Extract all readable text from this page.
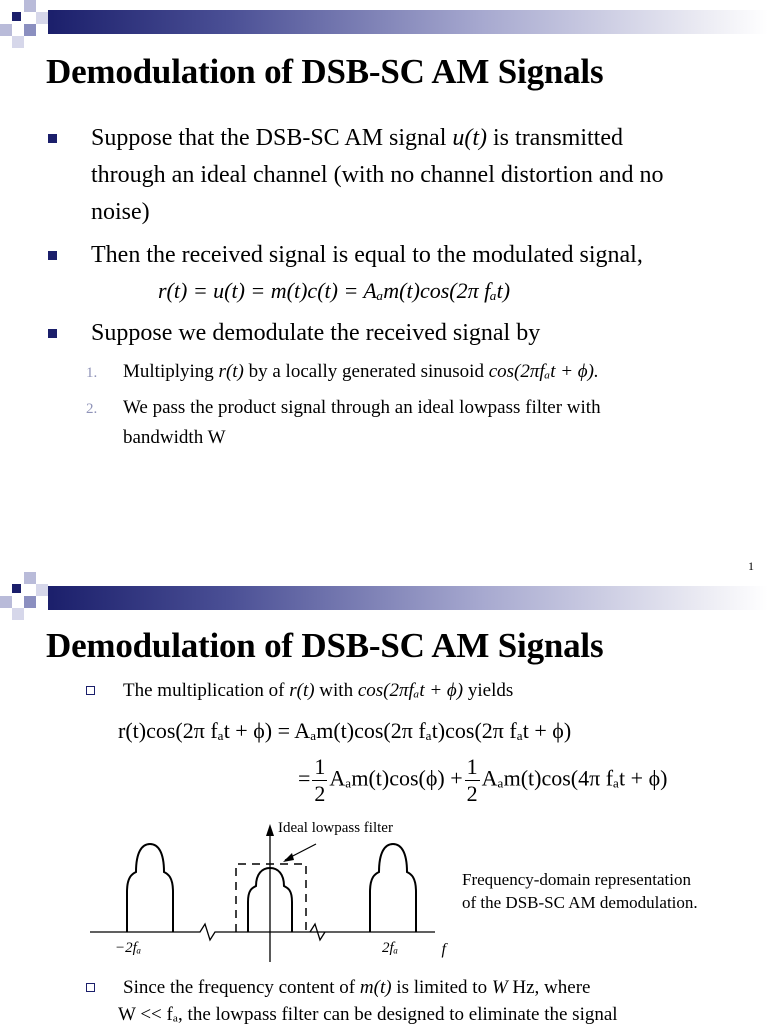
Demodulation of DSB-SC AM Signals
Suppose that the DSB-SC AM signal u(t) is transmitted
through an ideal channel (with no channel distortion and no
noise)
Then the received signal is equal to the modulated signal,
r(t) = u(t) = m(t)c(t) = Aₐm(t)cos(2π fₐt)
Suppose we demodulate the received signal by
1. Multiplying r(t) by a locally generated sinusoid cos(2πfₐt + ϕ).
2. We pass the product signal through an ideal lowpass filter with
bandwidth W
1
Demodulation of DSB-SC AM Signals
The multiplication of r(t) with cos(2πfₐt + ϕ) yields
r(t)cos(2π fₐt + ϕ) = Aₐm(t)cos(2π fₐt)cos(2π fₐt + ϕ)
= $\frac{1}{2} A_am(t)\cos(\phi) + \frac{1}{2} A_am(t)\cos(4\pi$ fₐt + ϕ)
Ideal lowpass filter
−2fₐ	2fₐ	f
Frequency-domain representation
of the DSB-SC AM demodulation.
Since the frequency content of m(t) is limited to W Hz, where
W << fₐ, the lowpass filter can be designed to eliminate the signal
